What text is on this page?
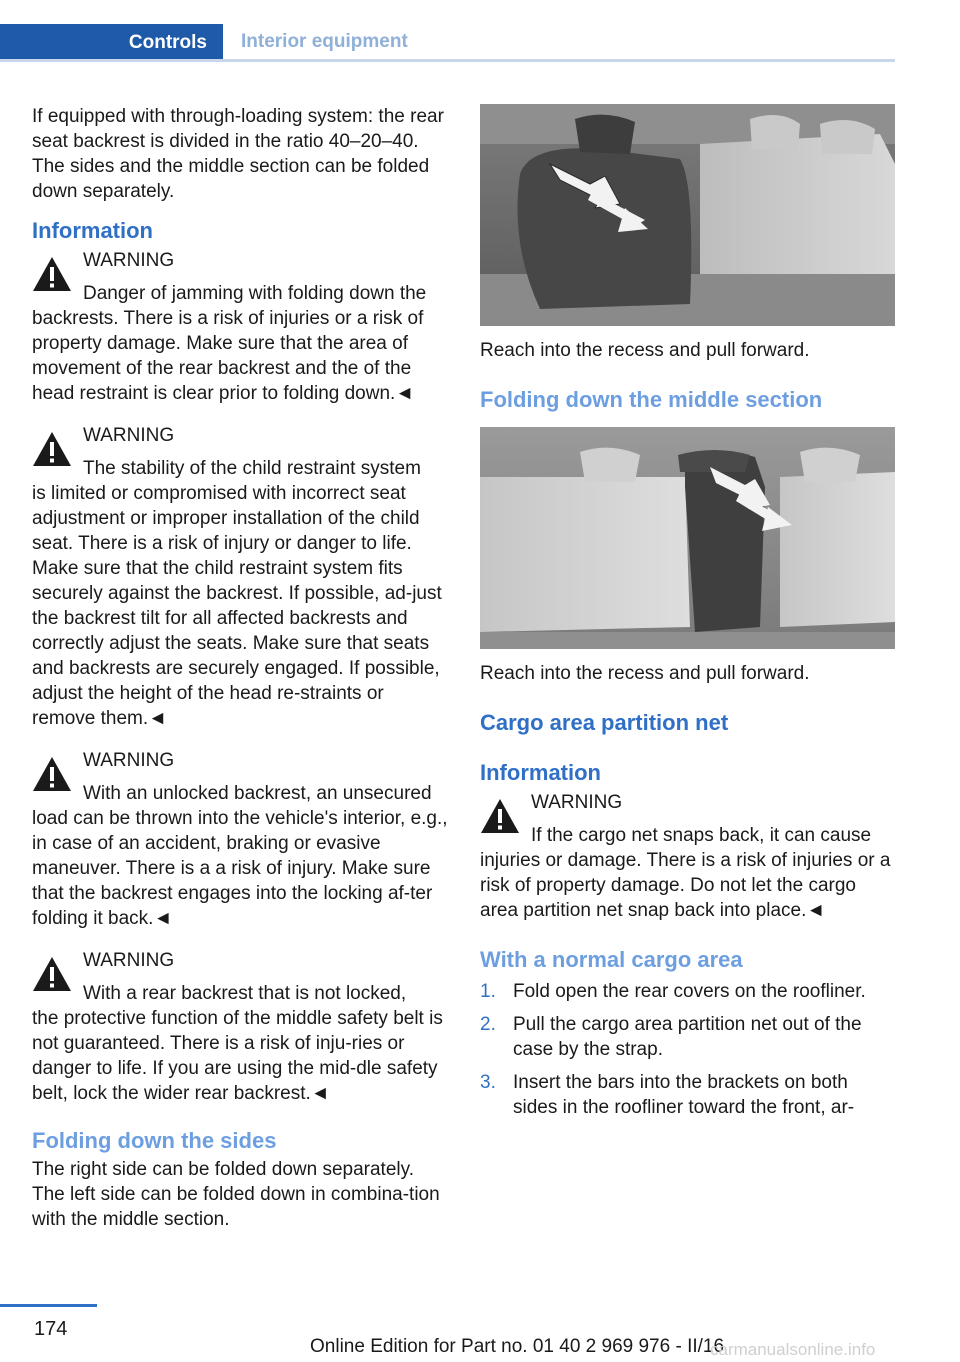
Controls	Interior equipment

If equipped with through-loading system: the rear seat backrest is divided in the ratio 40–20–40. The sides and the middle section can be folded down separately.

Information
WARNING

Danger of jamming with folding down the

backrests. There is a risk of injuries or a risk of property damage. Make sure that the area of movement of the rear backrest and the of the head restraint is clear prior to folding down.◄

WARNING

The stability of the child restraint system

is limited or compromised with incorrect seat adjustment or improper installation of the child seat. There is a risk of injury or danger to life. Make sure that the child restraint system fits securely against the backrest. If possible, ad-just the backrest tilt for all affected backrests and correctly adjust the seats. Make sure that seats and backrests are securely engaged. If possible, adjust the height of the head re-straints or remove them.◄

WARNING

With an unlocked backrest, an unsecured

load can be thrown into the vehicle's interior, e.g., in case of an accident, braking or evasive maneuver. There is a a risk of injury. Make sure that the backrest engages into the locking af-ter folding it back.◄

WARNING

With a rear backrest that is not locked,

the protective function of the middle safety belt is not guaranteed. There is a risk of inju-ries or danger to life. If you are using the mid-dle safety belt, lock the wider rear backrest.◄

Folding down the sides

The right side can be folded down separately. The left side can be folded down in combina-tion with the middle section.

Reach into the recess and pull forward.

Folding down the middle section

Reach into the recess and pull forward.

Cargo area partition net
Information
WARNING

If the cargo net snaps back, it can cause

injuries or damage. There is a risk of injuries or a risk of property damage. Do not let the cargo area partition net snap back into place.◄

With a normal cargo area
1. Fold open the rear covers on the roofliner.
2. Pull the cargo area partition net out of the case by the strap.
3. Insert the bars into the brackets on both sides in the roofliner toward the front, ar-
174
Online Edition for Part no. 01 40 2 969 976 - II/16
carmanualsonline.info
